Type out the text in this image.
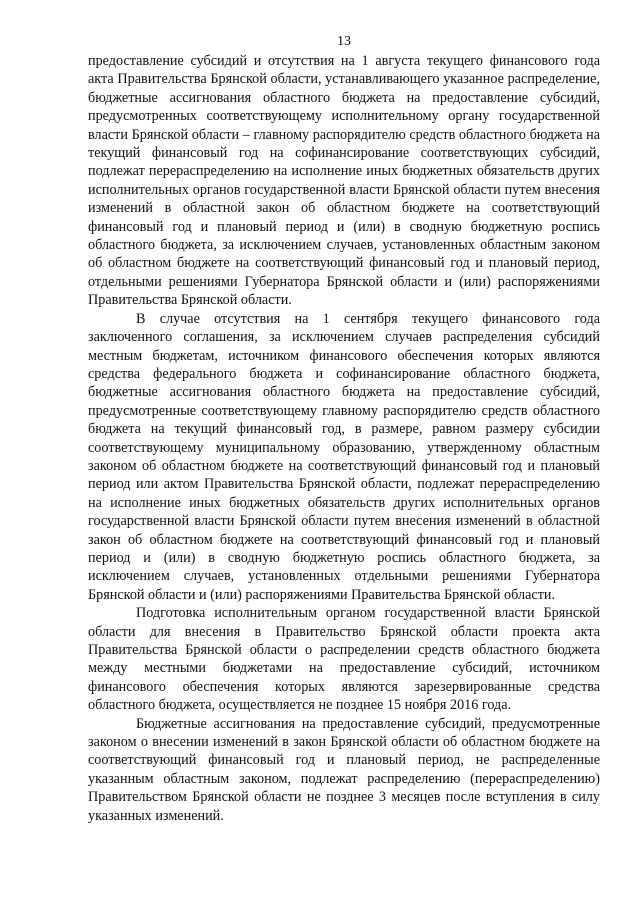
13

предоставление субсидий и отсутствия на 1 августа текущего финансового года акта Правительства Брянской области, устанавливающего указанное распределение, бюджетные ассигнования областного бюджета на предоставление субсидий, предусмотренных соответствующему исполнительному органу государственной власти Брянской области – главному распорядителю средств областного бюджета на текущий финансовый год на софинансирование соответствующих субсидий, подлежат перераспределению на исполнение иных бюджетных обязательств других исполнительных органов государственной власти Брянской области путем внесения изменений в областной закон об областном бюджете на соответствующий финансовый год и плановый период и (или) в сводную бюджетную роспись областного бюджета, за исключением случаев, установленных областным законом об областном бюджете на соответствующий финансовый год и плановый период, отдельными решениями Губернатора Брянской области и (или) распоряжениями Правительства Брянской области.

В случае отсутствия на 1 сентября текущего финансового года заключенного соглашения, за исключением случаев распределения субсидий местным бюджетам, источником финансового обеспечения которых являются средства федерального бюджета и софинансирование областного бюджета, бюджетные ассигнования областного бюджета на предоставление субсидий, предусмотренные соответствующему главному распорядителю средств областного бюджета на текущий финансовый год, в размере, равном размеру субсидии соответствующему муниципальному образованию, утвержденному областным законом об областном бюджете на соответствующий финансовый год и плановый период или актом Правительства Брянской области, подлежат перераспределению на исполнение иных бюджетных обязательств других исполнительных органов государственной власти Брянской области путем внесения изменений в областной закон об областном бюджете на соответствующий финансовый год и плановый период и (или) в сводную бюджетную роспись областного бюджета, за исключением случаев, установленных отдельными решениями Губернатора Брянской области и (или) распоряжениями Правительства Брянской области.

Подготовка исполнительным органом государственной власти Брянской области для внесения в Правительство Брянской области проекта акта Правительства Брянской области о распределении средств областного бюджета между местными бюджетами на предоставление субсидий, источником финансового обеспечения которых являются зарезервированные средства областного бюджета, осуществляется не позднее 15 ноября 2016 года.

Бюджетные ассигнования на предоставление субсидий, предусмотренные законом о внесении изменений в закон Брянской области об областном бюджете на соответствующий финансовый год и плановый период, не распределенные указанным областным законом, подлежат распределению (перераспределению) Правительством Брянской области не позднее 3 месяцев после вступления в силу указанных изменений.
